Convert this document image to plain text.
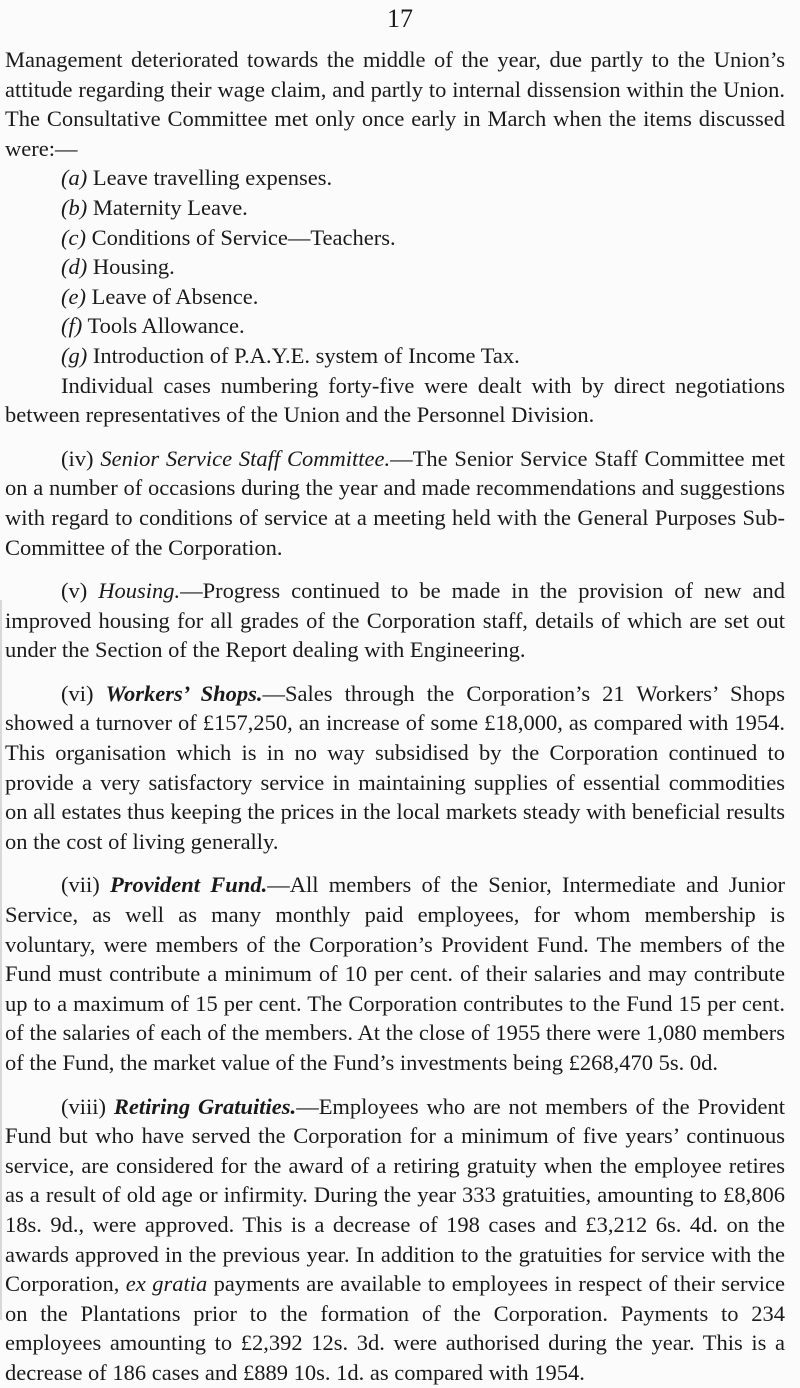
17

Management deteriorated towards the middle of the year, due partly to the Union’s attitude regarding their wage claim, and partly to internal dissension within the Union. The Consultative Committee met only once early in March when the items discussed were:—

(a) Leave travelling expenses.
(b) Maternity Leave.
(c) Conditions of Service—Teachers.
(d) Housing.
(e) Leave of Absence.
(f) Tools Allowance.
(g) Introduction of P.A.Y.E. system of Income Tax.

Individual cases numbering forty-five were dealt with by direct negotiations between representatives of the Union and the Personnel Division.

(iv) Senior Service Staff Committee.—The Senior Service Staff Committee met on a number of occasions during the year and made recommendations and suggestions with regard to conditions of service at a meeting held with the General Purposes Sub-Committee of the Corporation.

(v) Housing.—Progress continued to be made in the provision of new and improved housing for all grades of the Corporation staff, details of which are set out under the Section of the Report dealing with Engineering.

(vi) Workers’ Shops.—Sales through the Corporation’s 21 Workers’ Shops showed a turnover of £157,250, an increase of some £18,000, as compared with 1954. This organisation which is in no way subsidised by the Corporation continued to provide a very satisfactory service in maintaining supplies of essential commodities on all estates thus keeping the prices in the local markets steady with beneficial results on the cost of living generally.

(vii) Provident Fund.—All members of the Senior, Intermediate and Junior Service, as well as many monthly paid employees, for whom membership is voluntary, were members of the Corporation’s Provident Fund. The members of the Fund must contribute a minimum of 10 per cent. of their salaries and may contribute up to a maximum of 15 per cent. The Corporation contributes to the Fund 15 per cent. of the salaries of each of the members. At the close of 1955 there were 1,080 members of the Fund, the market value of the Fund’s investments being £268,470 5s. 0d.

(viii) Retiring Gratuities.—Employees who are not members of the Provident Fund but who have served the Corporation for a minimum of five years’ continuous service, are considered for the award of a retiring gratuity when the employee retires as a result of old age or infirmity. During the year 333 gratuities, amounting to £8,806 18s. 9d., were approved. This is a decrease of 198 cases and £3,212 6s. 4d. on the awards approved in the previous year. In addition to the gratuities for service with the Corporation, ex gratia payments are available to employees in respect of their service on the Plantations prior to the formation of the Corporation. Payments to 234 employees amounting to £2,392 12s. 3d. were authorised during the year. This is a decrease of 186 cases and £889 10s. 1d. as compared with 1954.
